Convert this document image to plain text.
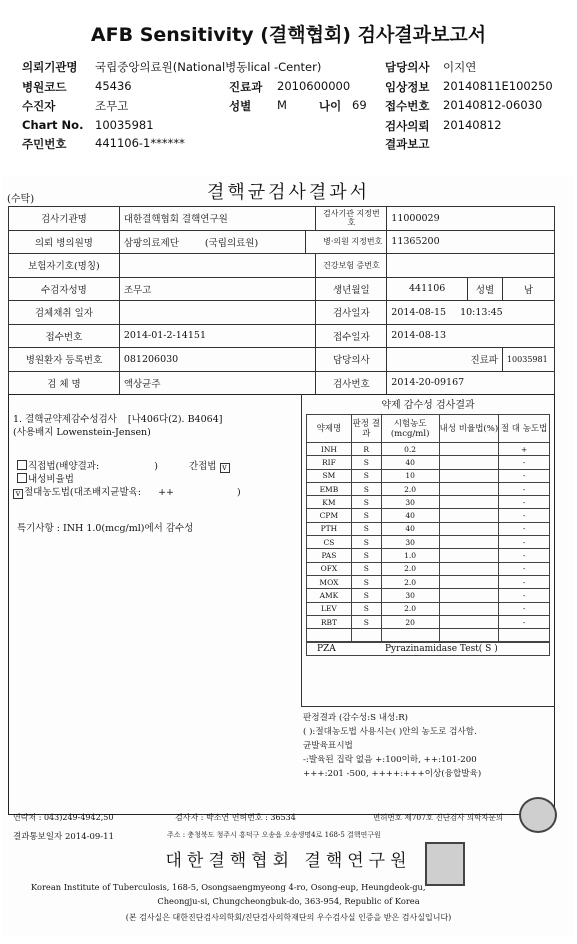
AFB Sensitivity (결핵협회) 검사결과보고서
의뢰기관명 국립중앙의료원(National병동lical -Center)	담당의사 이지연
병원코드 45436	진료과 2010600000	임상정보 20140811E100250
수진자	조무고	성별 M	나이 69 접수번호 20140812-06030
Chart No. 10035981	검사의뢰 20140812
주민번호 441106-1******	결과보고
(수탁)	결핵균검사결과서
검사기관명	대한결핵협회 결핵연구원		검사기관 지정번호	11000029		
의뢰 병의원명	삼팡의료제단 (국립의료원)	병·의원 지정번호		11365200		
보험자기호(명칭)			건강보험 증번호			
수검자성명	조무고		생년월일	441106	성별	남
검체채취 일자			검사일자	2014-08-15 10:13:45		
접수번호	2014-01-2-14151		접수일자	2014-08-13		
병원환자 등록번호	081206030		담당의사	진료파		10035981
검 체 명	액상균주		검사번호	2014-20-09167		
1. 결핵균약제감수성검사 [나406다(2). B4064]
(사용배지 Lowenstein-Jensen)
직접법(배양결과:	)	간접법 v
내성비율법
v 절대농도법(대조배지균발육: ++	)
특기사항 : INH 1.0(mcg/ml)에서 감수성
약제 감수성 검사결과
약제명	판정 결과	시험농도 (mcg/ml)	내성 비율법(%)	절 대 농도법
INH	R	0.2		+
RIF	S	40		-
SM	S	10		-
EMB	S	2.0		-
KM	S	30		-
CPM	S	40		-
PTH	S	40		-
CS	S	30		-
PAS	S	1.0		-
OFX	S	2.0		-
MOX	S	2.0		-
AMK	S	30		-
LEV	S	2.0		-
RBT	S	20		-

PZA	Pyrazinamidase Test( S )
판정결과 (감수성:S 내성:R)
( ):절대농도법 사용시는( )안의 농도로 검사함.
균발육표시법
-:발육된 집락 없음 +:100이하, ++:101-200
+++:201 -500, ++++:+++이상(융합발육)
연락처 : 043)249-4942,50	검사자 : 박소연 면허번호 : 36534	면허번호 제707호 진단검사 의학자문의
결과통보일자 2014-09-11	주소 : 충청북도 청주시 흥덕구 오송읍 오송생명4로 168-5 결핵연구원
대한결핵협회 결핵연구원
Korean Institute of Tuberculosis, 168-5, Osongsaengmyeong 4-ro, Osong-eup, Heungdeok-gu,
Cheongju-si, Chungcheongbuk-do, 363-954, Republic of Korea
(본 검사실은 대한진단검사의학회/진단검사의학재단의 우수검사실 인증을 받은 검사실입니다)
